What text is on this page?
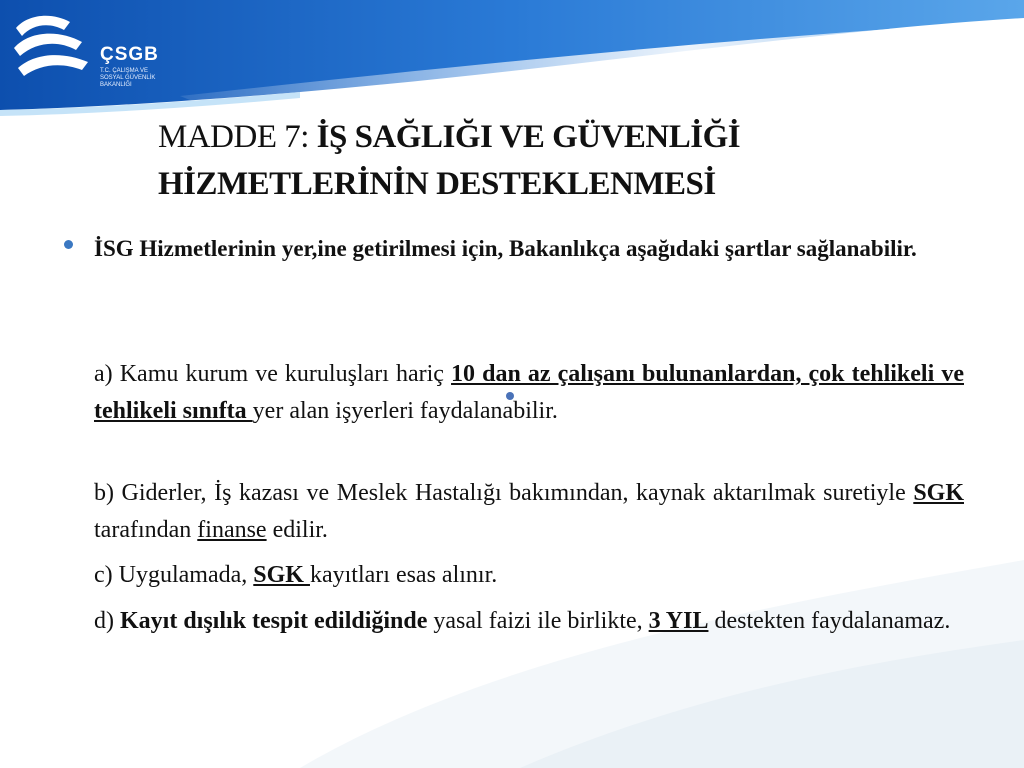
ÇSGB
T.C. ÇALIŞMA VE SOSYAL GÜVENLİK BAKANLIĞI
MADDE 7: İŞ SAĞLIĞI VE GÜVENLİĞİ
HİZMETLERİNİN DESTEKLENMESİ
İSG Hizmetlerinin yer,ine getirilmesi için, Bakanlıkça aşağıdaki şartlar sağlanabilir.
a) Kamu kurum ve kuruluşları hariç 10 dan az çalışanı bulunanlardan, çok tehlikeli ve tehlikeli sınıfta yer alan işyerleri faydalanabilir.
b) Giderler, İş kazası ve Meslek Hastalığı bakımından, kaynak aktarılmak suretiyle SGK tarafından finanse edilir.
c) Uygulamada, SGK kayıtları esas alınır.
d) Kayıt dışılık tespit edildiğinde yasal faizi ile birlikte, 3 YIL destekten faydalanamaz.
